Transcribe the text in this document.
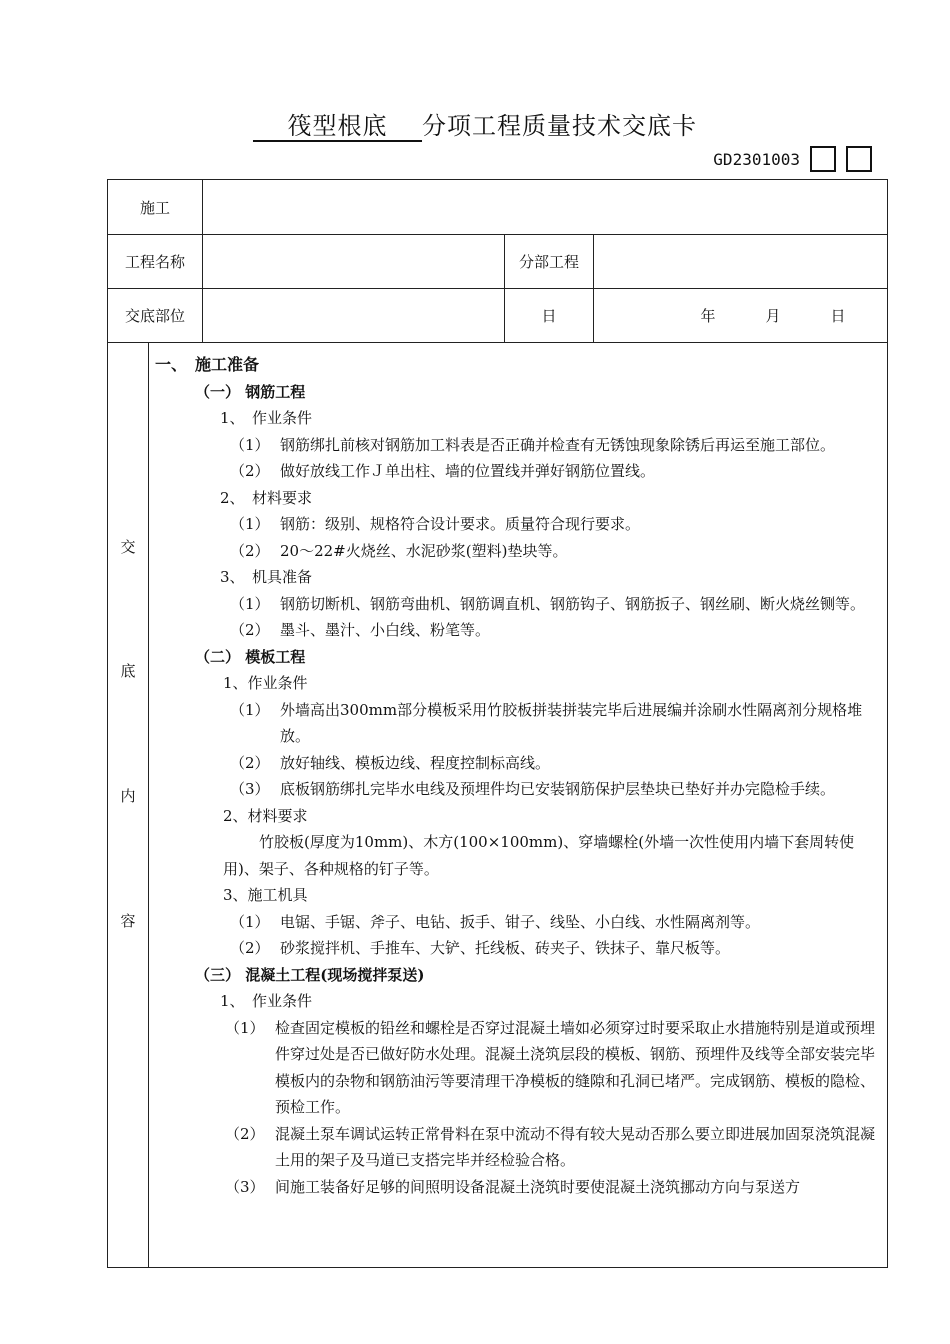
筏型根底 分项工程质量技术交底卡
GD2301003
施工
工程名称	分部工程
交底部位	日	年	月	日
交
底
内
容
一、　施工准备
（一） 钢筋工程
1、　作业条件
（1） 钢筋绑扎前核对钢筋加工料表是否正确并检查有无锈蚀现象除锈后再运至施工部位。
（2） 做好放线工作Ｊ单出柱、墙的位置线并弹好钢筋位置线。
2、　材料要求
（1） 钢筋：级别、规格符合设计要求。质量符合现行要求。
（2） 20～22#火烧丝、水泥砂浆(塑料)垫块等。
3、　机具准备
（1） 钢筋切断机、钢筋弯曲机、钢筋调直机、钢筋钩子、钢筋扳子、钢丝刷、断火烧丝铡等。
（2） 墨斗、墨汁、小白线、粉笔等。
（二） 模板工程
1、作业条件
（1） 外墙高出300mm部分模板采用竹胶板拼装拼装完毕后进展编并涂刷水性隔离剂分规格堆放。
（2） 放好轴线、模板边线、程度控制标高线。
（3） 底板钢筋绑扎完毕水电线及预埋件均已安装钢筋保护层垫块已垫好并办完隐检手续。
2、材料要求
竹胶板(厚度为10mm)、木方(100×100mm)、穿墙螺栓(外墙一次性使用内墙下套周转使用)、架子、各种规格的钉子等。
3、施工机具
（1） 电锯、手锯、斧子、电钻、扳手、钳子、线坠、小白线、水性隔离剂等。
（2） 砂浆搅拌机、手推车、大铲、托线板、砖夹子、铁抹子、靠尺板等。
（三） 混凝土工程(现场搅拌泵送)
1、　作业条件
（1） 检查固定模板的铅丝和螺栓是否穿过混凝土墙如必须穿过时要采取止水措施特别是道或预埋件穿过处是否已做好防水处理。混凝土浇筑层段的模板、钢筋、预埋件及线等全部安装完毕模板内的杂物和钢筋油污等要清理干净模板的缝隙和孔洞已堵严。完成钢筋、模板的隐检、预检工作。
（2） 混凝土泵车调试运转正常骨料在泵中流动不得有较大晃动否那么要立即进展加固泵浇筑混凝土用的架子及马道已支搭完毕并经检验合格。
（3） 间施工装备好足够的间照明设备混凝土浇筑时要使混凝土浇筑挪动方向与泵送方
